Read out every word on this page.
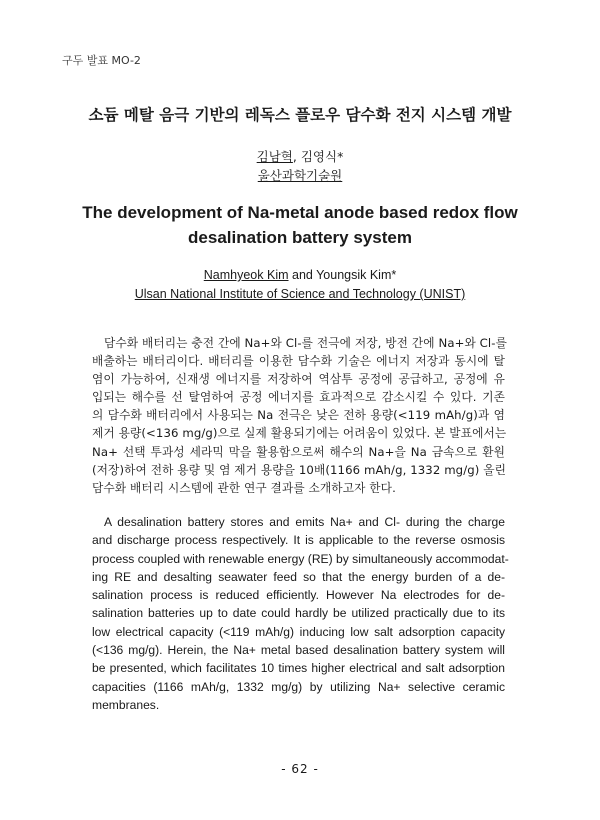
구두 발표 MO-2
소듐 메탈 음극 기반의 레독스 플로우 담수화 전지 시스템 개발
김남혁, 김영식*
울산과학기술원
The development of Na-metal anode based redox flow desalination battery system
Namhyeok Kim and Youngsik Kim*
Ulsan National Institute of Science and Technology (UNIST)
담수화 배터리는 충전 간에 Na+와 Cl-를 전극에 저장, 방전 간에 Na+와 Cl-를
배출하는 배터리이다. 배터리를 이용한 담수화 기술은 에너지 저장과 동시에 탈
염이 가능하여, 신재생 에너지를 저장하여 역삼투 공정에 공급하고, 공정에 유
입되는 해수를 선 탈염하여 공정 에너지를 효과적으로 감소시킬 수 있다. 기존
의 담수화 배터리에서 사용되는 Na 전극은 낮은 전하 용량(<119 mAh/g)과 염
제거 용량(<136 mg/g)으로 실제 활용되기에는 어려움이 있었다. 본 발표에서는
Na+ 선택 투과성 세라믹 막을 활용함으로써 해수의 Na+을 Na 금속으로 환원
(저장)하여 전하 용량 및 염 제거 용량을 10배(1166 mAh/g, 1332 mg/g) 올린
담수화 배터리 시스템에 관한 연구 결과를 소개하고자 한다.
A desalination battery stores and emits Na+ and Cl- during the charge
and discharge process respectively. It is applicable to the reverse osmosis
process coupled with renewable energy (RE) by simultaneously accommodat-
ing RE and desalting seawater feed so that the energy burden of a de-
salination process is reduced efficiently. However Na electrodes for de-
salination batteries up to date could hardly be utilized practically due to its
low electrical capacity (<119 mAh/g) inducing low salt adsorption capacity
(<136 mg/g). Herein, the Na+ metal based desalination battery system will
be presented, which facilitates 10 times higher electrical and salt adsorption
capacities (1166 mAh/g, 1332 mg/g) by utilizing Na+ selective ceramic
membranes.
- 62 -
